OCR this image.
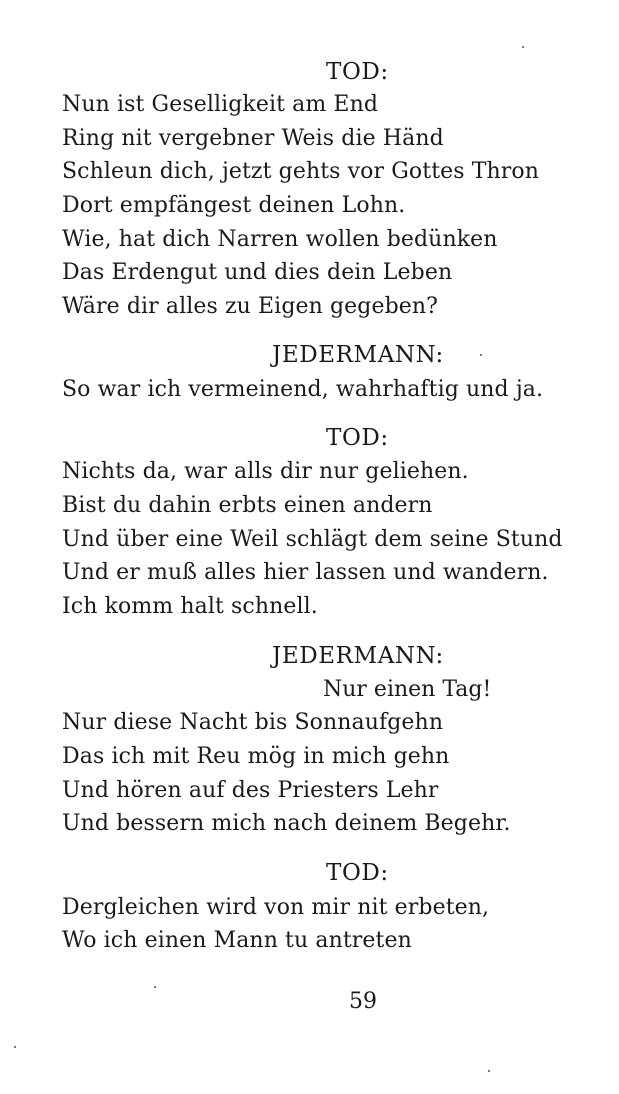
TOD:
Nun ist Geselligkeit am End
Ring nit vergebner Weis die Händ
Schleun dich, jetzt gehts vor Gottes Thron
Dort empfängest deinen Lohn.
Wie, hat dich Narren wollen bedünken
Das Erdengut und dies dein Leben
Wäre dir alles zu Eigen gegeben?
JEDERMANN:
So war ich vermeinend, wahrhaftig und ja.
TOD:
Nichts da, war alls dir nur geliehen.
Bist du dahin erbts einen andern
Und über eine Weil schlägt dem seine Stund
Und er muß alles hier lassen und wandern.
Ich komm halt schnell.
JEDERMANN:
Nur einen Tag!
Nur diese Nacht bis Sonnaufgehn
Das ich mit Reu mög in mich gehn
Und hören auf des Priesters Lehr
Und bessern mich nach deinem Begehr.
TOD:
Dergleichen wird von mir nit erbeten,
Wo ich einen Mann tu antreten
59
